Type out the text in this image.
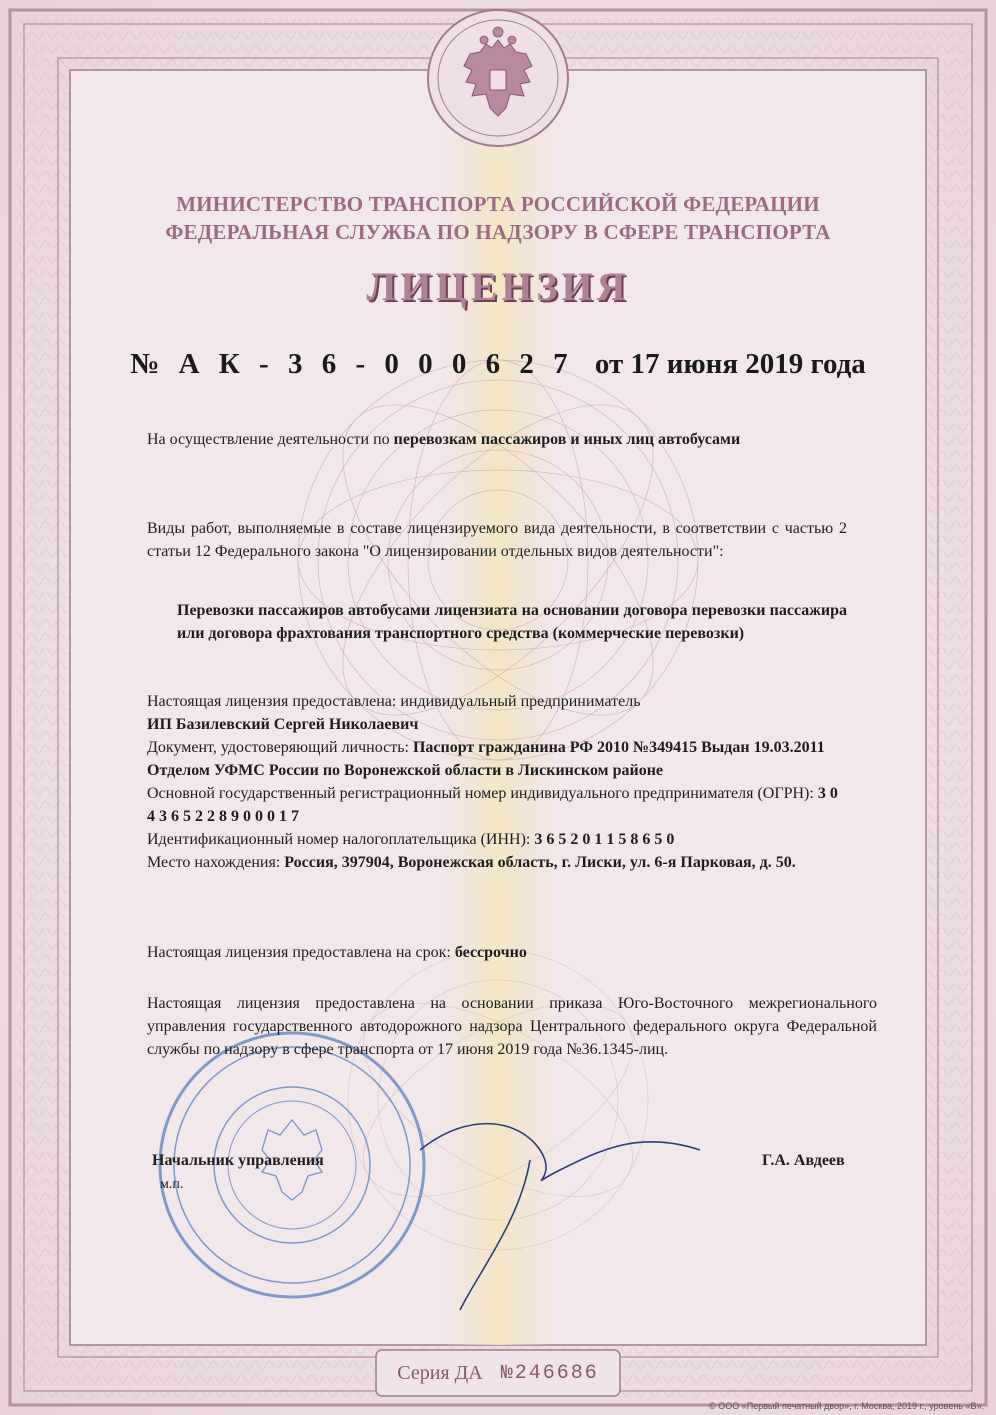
МИНИСТЕРСТВО ТРАНСПОРТА РОССИЙСКОЙ ФЕДЕРАЦИИ
ФЕДЕРАЛЬНАЯ СЛУЖБА ПО НАДЗОРУ В СФЕРЕ ТРАНСПОРТА
ЛИЦЕНЗИЯ
№ А К - 3 6 - 0 0 0 6 2 7 от 17 июня 2019 года
На осуществление деятельности по перевозкам пассажиров и иных лиц автобусами
Виды работ, выполняемые в составе лицензируемого вида деятельности, в соответствии с частью 2 статьи 12 Федерального закона "О лицензировании отдельных видов деятельности":
Перевозки пассажиров автобусами лицензиата на основании договора перевозки пассажира или договора фрахтования транспортного средства (коммерческие перевозки)
Настоящая лицензия предоставлена: индивидуальный предприниматель
ИП Базилевский Сергей Николаевич
Документ, удостоверяющий личность: Паспорт гражданина РФ 2010 №349415 Выдан 19.03.2011 Отделом УФМС России по Воронежской области в Лискинском районе
Основной государственный регистрационный номер индивидуального предпринимателя (ОГРН): 3 0 4 3 6 5 2 2 8 9 0 0 0 1 7
Идентификационный номер налогоплательщика (ИНН): 3 6 5 2 0 1 1 5 8 6 5 0
Место нахождения: Россия, 397904, Воронежская область, г. Лиски, ул. 6-я Парковая, д. 50.
Настоящая лицензия предоставлена на срок: бессрочно
Настоящая лицензия предоставлена на основании приказа Юго-Восточного межрегионального управления государственного автодорожного надзора Центрального федерального округа Федеральной службы по надзору в сфере транспорта от 17 июня 2019 года №36.1345-лиц.
Начальник управления
м.п.
Г.А. Авдеев
Серия ДА №246686
© ООО «Первый печатный двор», г. Москва, 2019 г., уровень «В».
